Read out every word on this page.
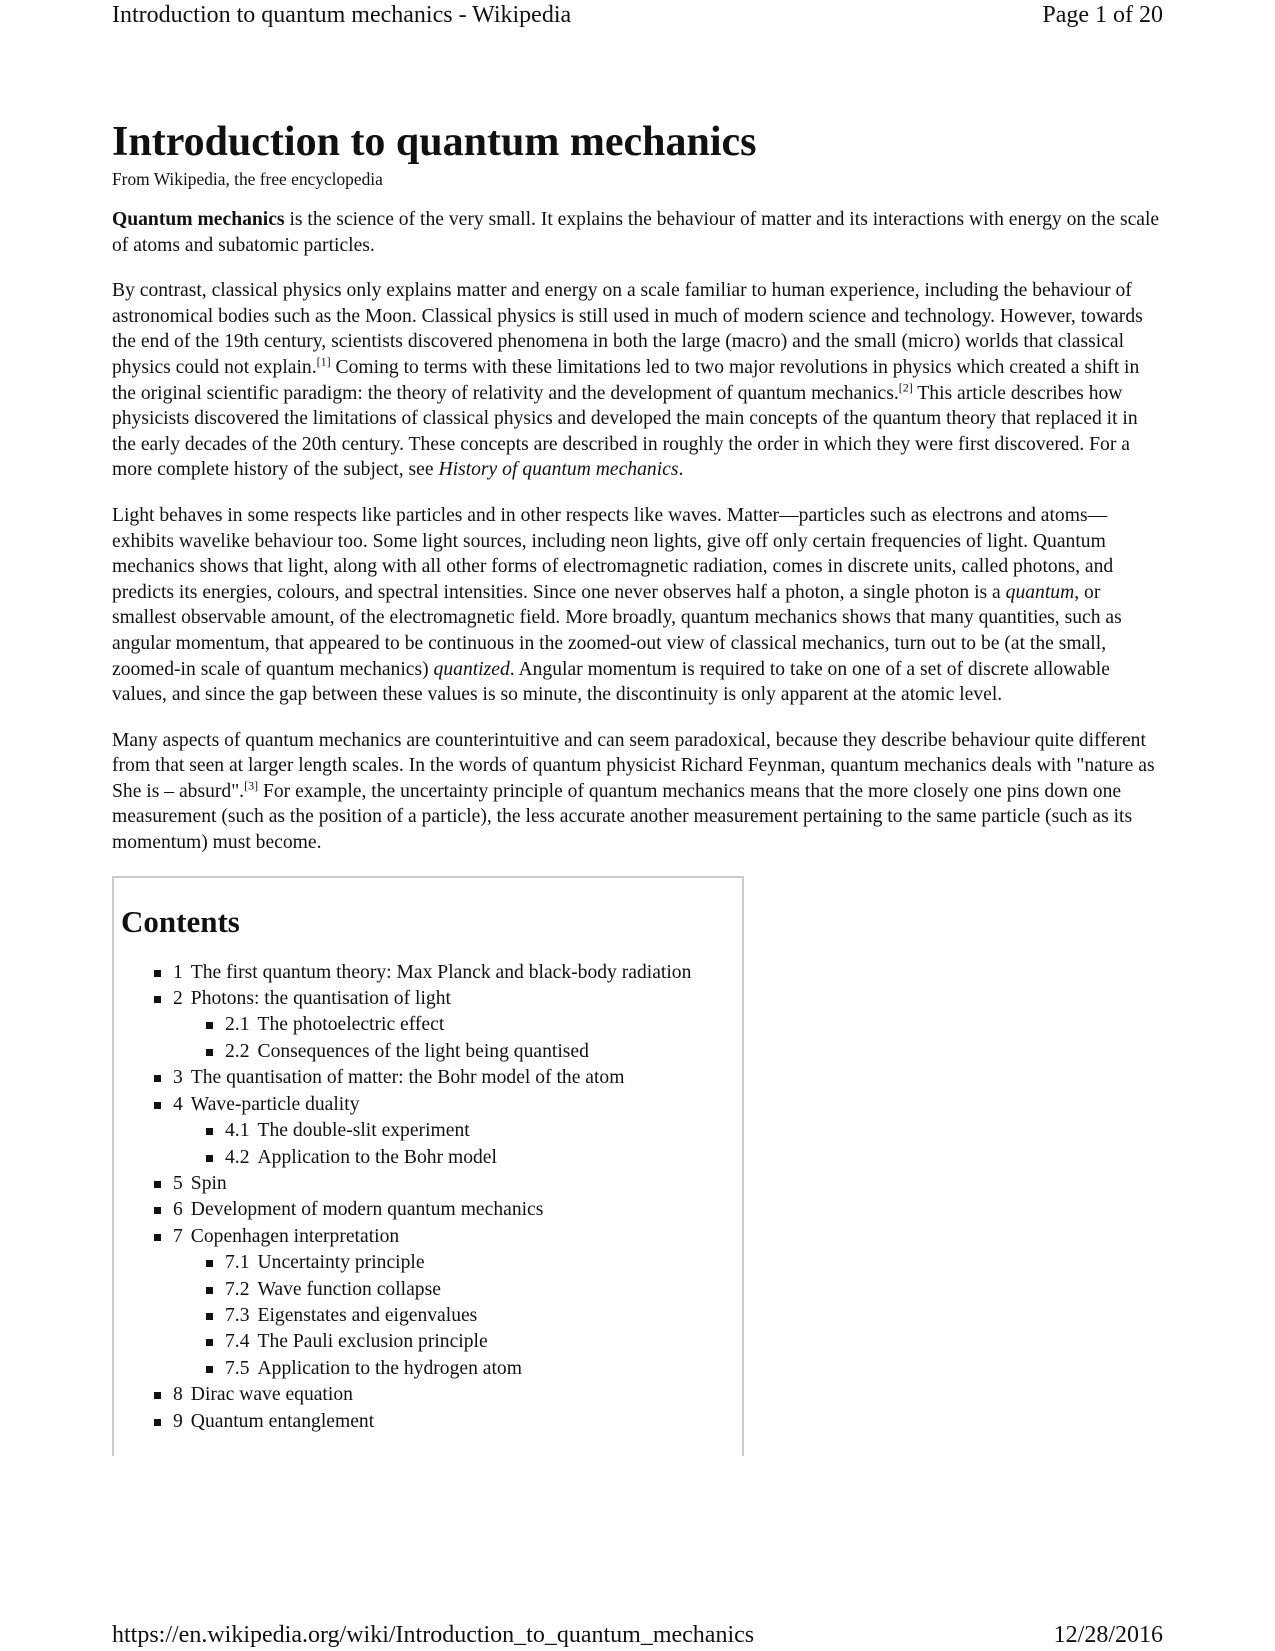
Introduction to quantum mechanics - Wikipedia	Page 1 of 20
Introduction to quantum mechanics
From Wikipedia, the free encyclopedia

Quantum mechanics is the science of the very small. It explains the behaviour of matter and its interactions with energy on the scale of atoms and subatomic particles.

By contrast, classical physics only explains matter and energy on a scale familiar to human experience, including the behaviour of astronomical bodies such as the Moon. Classical physics is still used in much of modern science and technology. However, towards the end of the 19th century, scientists discovered phenomena in both the large (macro) and the small (micro) worlds that classical physics could not explain.[1] Coming to terms with these limitations led to two major revolutions in physics which created a shift in the original scientific paradigm: the theory of relativity and the development of quantum mechanics.[2] This article describes how physicists discovered the limitations of classical physics and developed the main concepts of the quantum theory that replaced it in the early decades of the 20th century. These concepts are described in roughly the order in which they were first discovered. For a more complete history of the subject, see History of quantum mechanics.

Light behaves in some respects like particles and in other respects like waves. Matter—particles such as electrons and atoms—exhibits wavelike behaviour too. Some light sources, including neon lights, give off only certain frequencies of light. Quantum mechanics shows that light, along with all other forms of electromagnetic radiation, comes in discrete units, called photons, and predicts its energies, colours, and spectral intensities. Since one never observes half a photon, a single photon is a quantum, or smallest observable amount, of the electromagnetic field. More broadly, quantum mechanics shows that many quantities, such as angular momentum, that appeared to be continuous in the zoomed-out view of classical mechanics, turn out to be (at the small, zoomed-in scale of quantum mechanics) quantized. Angular momentum is required to take on one of a set of discrete allowable values, and since the gap between these values is so minute, the discontinuity is only apparent at the atomic level.

Many aspects of quantum mechanics are counterintuitive and can seem paradoxical, because they describe behaviour quite different from that seen at larger length scales. In the words of quantum physicist Richard Feynman, quantum mechanics deals with "nature as She is – absurd".[3] For example, the uncertainty principle of quantum mechanics means that the more closely one pins down one measurement (such as the position of a particle), the less accurate another measurement pertaining to the same particle (such as its momentum) must become.

Contents
1 The first quantum theory: Max Planck and black-body radiation
2 Photons: the quantisation of light
2.1 The photoelectric effect
2.2 Consequences of the light being quantised
3 The quantisation of matter: the Bohr model of the atom
4 Wave-particle duality
4.1 The double-slit experiment
4.2 Application to the Bohr model
5 Spin
6 Development of modern quantum mechanics
7 Copenhagen interpretation
7.1 Uncertainty principle
7.2 Wave function collapse
7.3 Eigenstates and eigenvalues
7.4 The Pauli exclusion principle
7.5 Application to the hydrogen atom
8 Dirac wave equation
9 Quantum entanglement
https://en.wikipedia.org/wiki/Introduction_to_quantum_mechanics	12/28/2016
